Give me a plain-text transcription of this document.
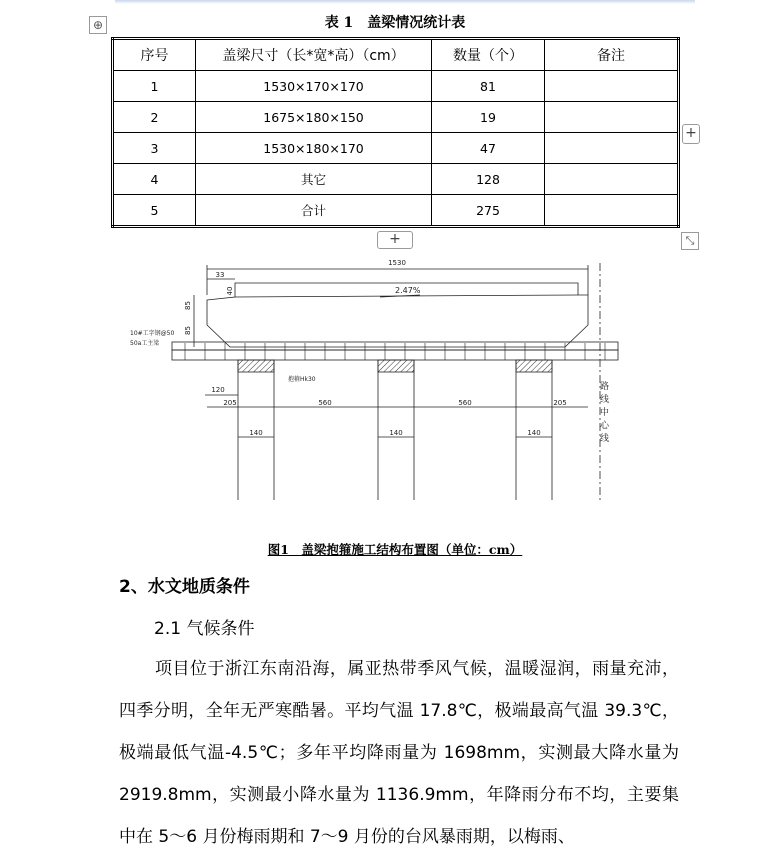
⊕	表 1　盖梁情况统计表
序号	盖梁尺寸（长*宽*高）（cm）	数量（个）	备注
1	1530×170×170	81	
2	1675×180×150	19	
3	1530×180×170	47	
4	其它	128	
5	合计	275	
+
+	⤡
1530
33
40	2.47%
85
85
10#工字钢@50
50a工主梁
抱箍Hk30
120
205	560	560	205
140	140	140
路
线
中
心
线
图1　盖梁抱箍施工结构布置图（单位：cm）
2、水文地质条件
2.1 气候条件
项目位于浙江东南沿海，属亚热带季风气候，温暖湿润，雨量充沛，四季分明，全年无严寒酷暑。平均气温 17.8℃，极端最高气温 39.3℃，极端最低气温-4.5℃；多年平均降雨量为 1698mm，实测最大降水量为 2919.8mm，实测最小降水量为 1136.9mm，年降雨分布不均，主要集中在 5～6 月份梅雨期和 7～9 月份的台风暴雨期，以梅雨、
